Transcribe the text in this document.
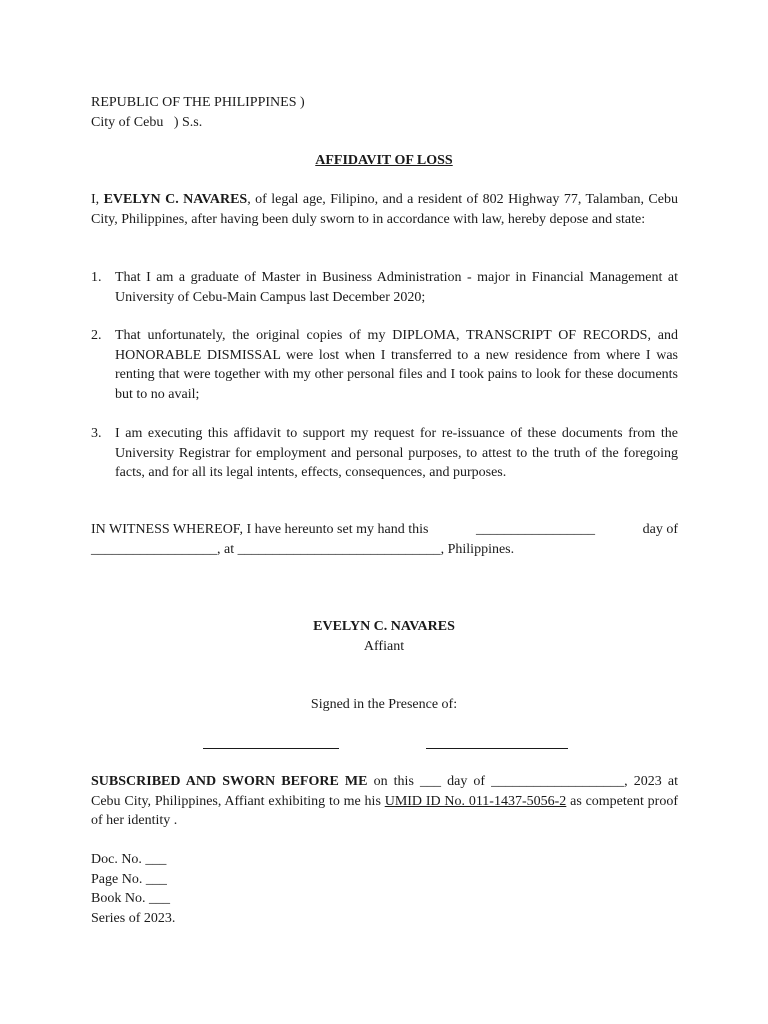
REPUBLIC OF THE PHILIPPINES )
City of Cebu   ) S.s.
AFFIDAVIT OF LOSS
I, EVELYN C. NAVARES, of legal age, Filipino, and a resident of 802 Highway 77, Talamban, Cebu City, Philippines, after having been duly sworn to in accordance with law, hereby depose and state:
1. That I am a graduate of Master in Business Administration - major in Financial Management at University of Cebu-Main Campus last December 2020;
2. That unfortunately, the original copies of my DIPLOMA, TRANSCRIPT OF RECORDS, and HONORABLE DISMISSAL were lost when I transferred to a new residence from where I was renting that were together with my other personal files and I took pains to look for these documents but to no avail;
3. I am executing this affidavit to support my request for re-issuance of these documents from the University Registrar for employment and personal purposes, to attest to the truth of the foregoing facts, and for all its legal intents, effects, consequences, and purposes.
IN WITNESS WHEREOF, I have hereunto set my hand this	_________________	day of
__________________, at _____________________________, Philippines.
EVELYN C. NAVARES
Affiant
Signed in the Presence of:
SUBSCRIBED AND SWORN BEFORE ME on this ___ day of ___________________, 2023 at Cebu City, Philippines, Affiant exhibiting to me his UMID ID No. 011-1437-5056-2 as competent proof of her identity .
Doc. No. ___
Page No. ___
Book No. ___
Series of 2023.
